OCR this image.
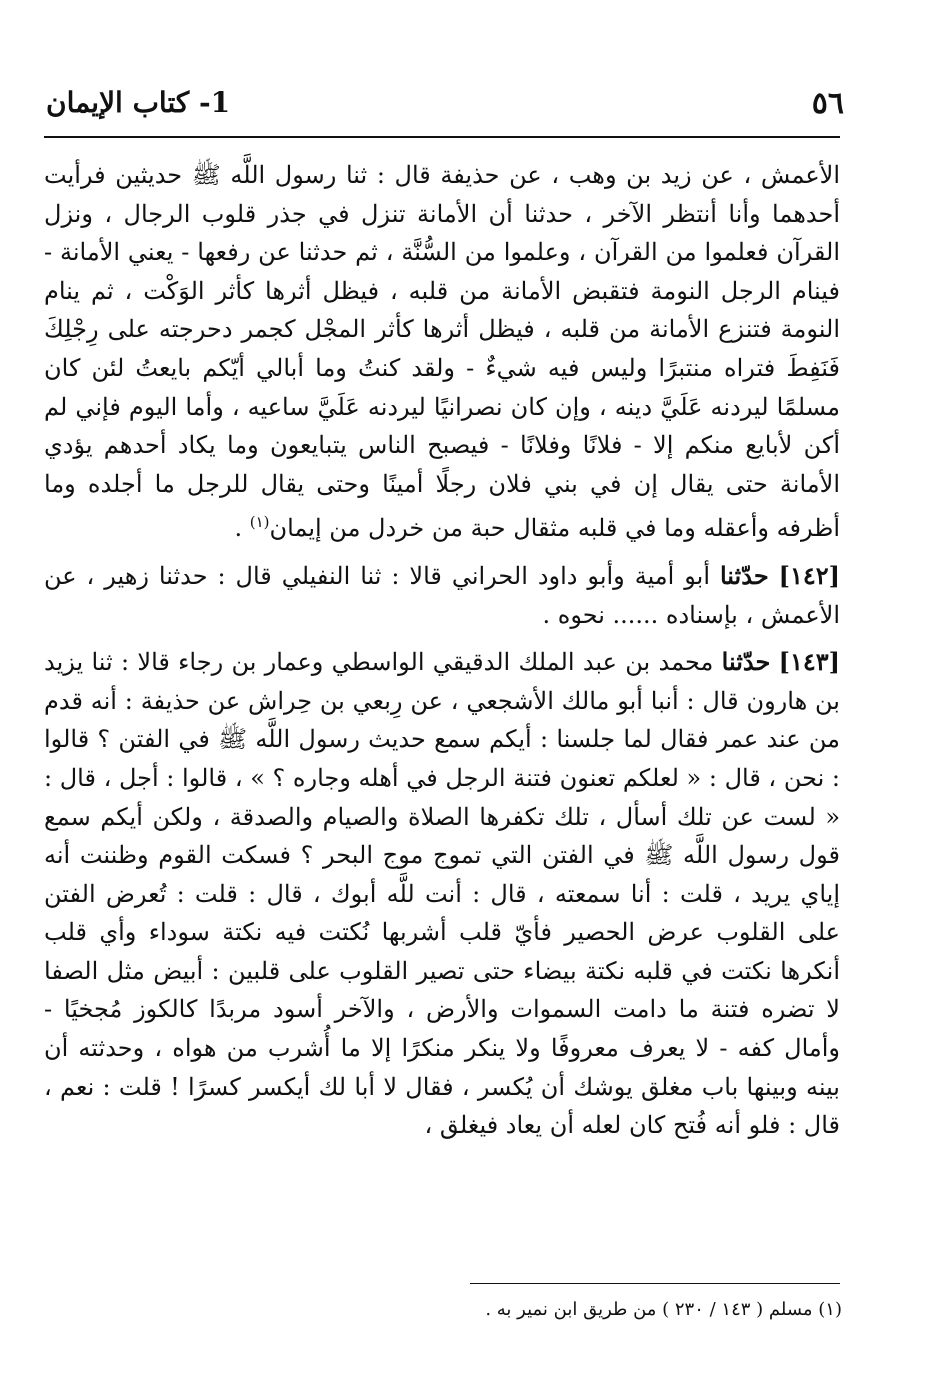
٥٦
1- كتاب الإيمان

الأعمش ، عن زيد بن وهب ، عن حذيفة قال : ثنا رسول اللَّه ﷺ حديثين فرأيت أحدهما وأنا أنتظر الآخر ، حدثنا أن الأمانة تنزل في جذر قلوب الرجال ، ونزل القرآن فعلموا من القرآن ، وعلموا من السُّنَّة ، ثم حدثنا عن رفعها - يعني الأمانة - فينام الرجل النومة فتقبض الأمانة من قلبه ، فيظل أثرها كأثر الوَكْت ، ثم ينام النومة فتنزع الأمانة من قلبه ، فيظل أثرها كأثر المجْل كجمر دحرجته على رِجْلِكَ فَنَفِطَ فتراه منتبرًا وليس فيه شيءٌ - ولقد كنتُ وما أبالي أيّكم بايعتُ لئن كان مسلمًا ليردنه عَلَيَّ دينه ، وإن كان نصرانيًا ليردنه عَلَيَّ ساعيه ، وأما اليوم فإني لم أكن لأبايع منكم إلا - فلانًا وفلانًا - فيصبح الناس يتبايعون وما يكاد أحدهم يؤدي الأمانة حتى يقال إن في بني فلان رجلًا أمينًا وحتى يقال للرجل ما أجلده وما أظرفه وأعقله وما في قلبه مثقال حبة من خردل من إيمان$^{(١)}$ .

[١٤٢] حدّثنا أبو أمية وأبو داود الحراني قالا : ثنا النفيلي قال : حدثنا زهير ، عن الأعمش ، بإسناده ...... نحوه .

[١٤٣] حدّثنا محمد بن عبد الملك الدقيقي الواسطي وعمار بن رجاء قالا : ثنا يزيد بن هارون قال : أنبا أبو مالك الأشجعي ، عن رِبعي بن حِراش عن حذيفة : أنه قدم من عند عمر فقال لما جلسنا : أيكم سمع حديث رسول اللَّه ﷺ في الفتن ؟ قالوا : نحن ، قال : « لعلكم تعنون فتنة الرجل في أهله وجاره ؟ » ، قالوا : أجل ، قال : « لست عن تلك أسأل ، تلك تكفرها الصلاة والصيام والصدقة ، ولكن أيكم سمع قول رسول اللَّه ﷺ في الفتن التي تموج موج البحر ؟ فسكت القوم وظننت أنه إياي يريد ، قلت : أنا سمعته ، قال : أنت للَّه أبوك ، قال : قلت : تُعرض الفتن على القلوب عرض الحصير فأيّ قلب أشربها نُكتت فيه نكتة سوداء وأي قلب أنكرها نكتت في قلبه نكتة بيضاء حتى تصير القلوب على قلبين : أبيض مثل الصفا لا تضره فتنة ما دامت السموات والأرض ، والآخر أسود مربدًا كالكوز مُجخيًا - وأمال كفه - لا يعرف معروفًا ولا ينكر منكرًا إلا ما أُشرب من هواه ، وحدثته أن بينه وبينها باب مغلق يوشك أن يُكسر ، فقال لا أبا لك أيكسر كسرًا ! قلت : نعم ، قال : فلو أنه فُتح كان لعله أن يعاد فيغلق ،

(١) مسلم ( ١٤٣ / ٢٣٠ ) من طريق ابن نمير به .
